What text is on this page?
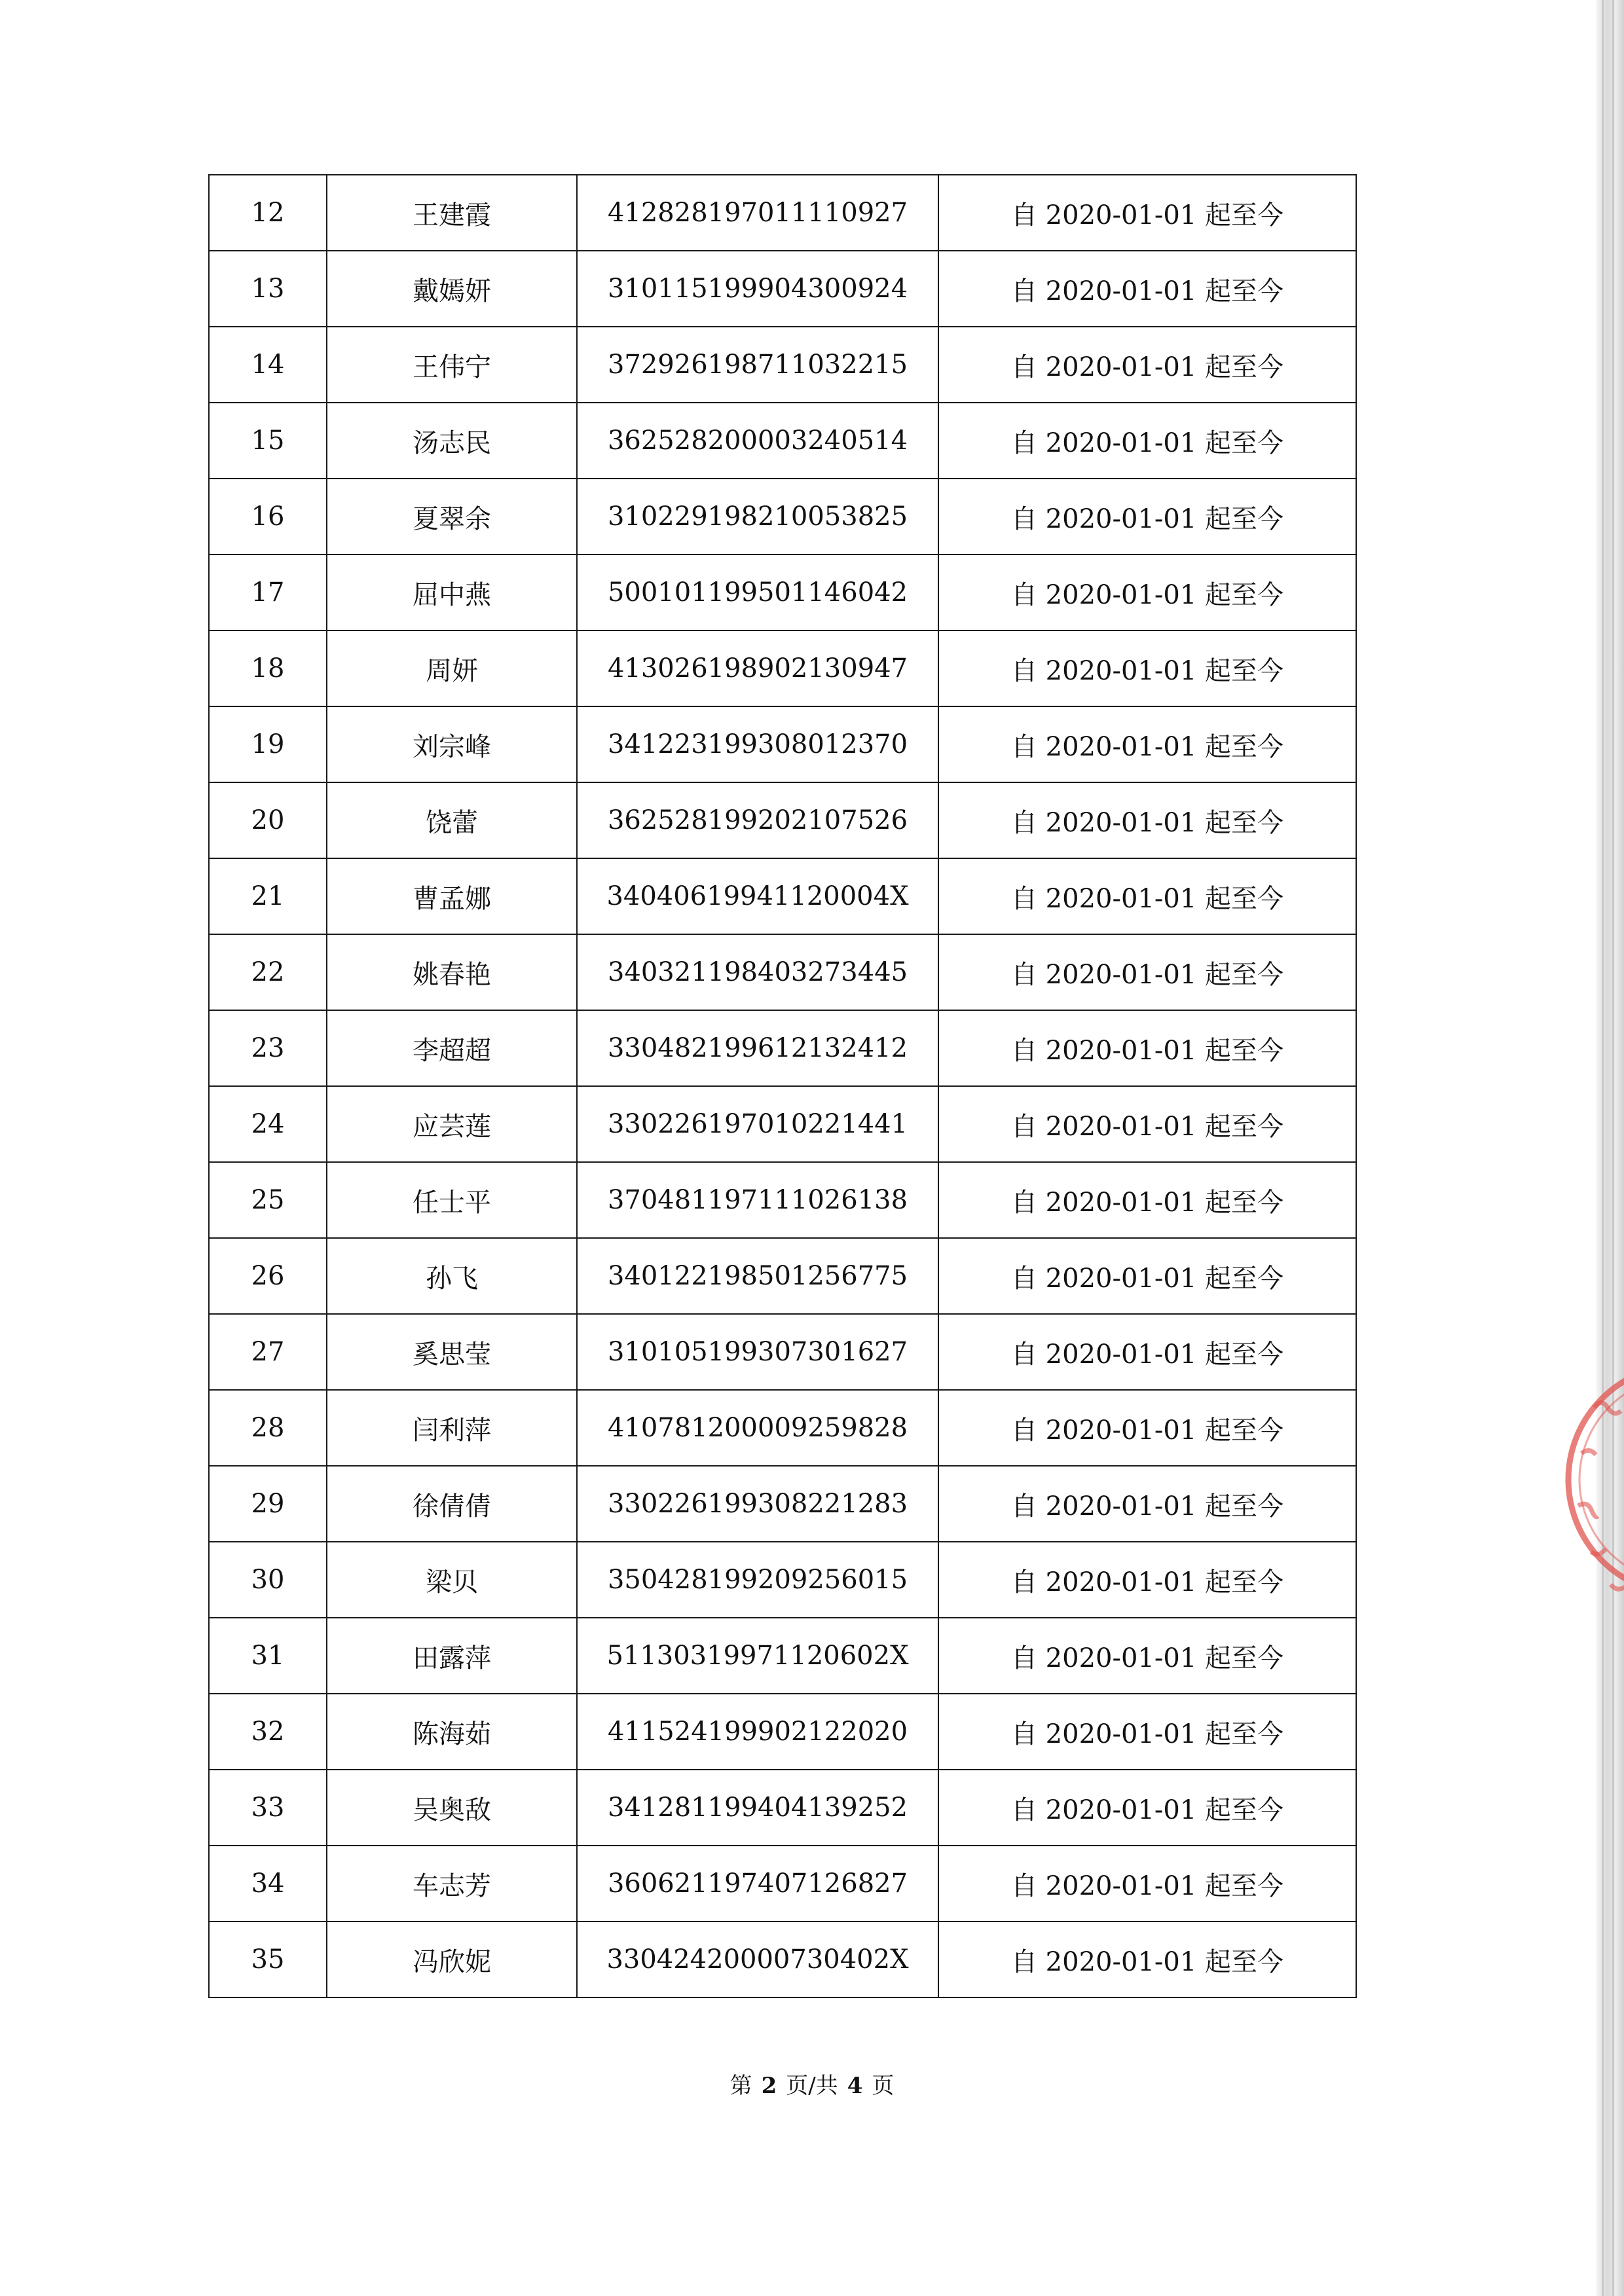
12	王建霞	412828197011110927	自 2020-01-01 起至今
13	戴嫣妍	310115199904300924	自 2020-01-01 起至今
14	王伟宁	372926198711032215	自 2020-01-01 起至今
15	汤志民	362528200003240514	自 2020-01-01 起至今
16	夏翠余	310229198210053825	自 2020-01-01 起至今
17	屈中燕	500101199501146042	自 2020-01-01 起至今
18	周妍	413026198902130947	自 2020-01-01 起至今
19	刘宗峰	341223199308012370	自 2020-01-01 起至今
20	饶蕾	362528199202107526	自 2020-01-01 起至今
21	曹孟娜	34040619941120004X	自 2020-01-01 起至今
22	姚春艳	340321198403273445	自 2020-01-01 起至今
23	李超超	330482199612132412	自 2020-01-01 起至今
24	应芸莲	330226197010221441	自 2020-01-01 起至今
25	任士平	370481197111026138	自 2020-01-01 起至今
26	孙飞	340122198501256775	自 2020-01-01 起至今
27	奚思莹	310105199307301627	自 2020-01-01 起至今
28	闫利萍	410781200009259828	自 2020-01-01 起至今
29	徐倩倩	330226199308221283	自 2020-01-01 起至今
30	梁贝	350428199209256015	自 2020-01-01 起至今
31	田露萍	51130319971120602X	自 2020-01-01 起至今
32	陈海茹	411524199902122020	自 2020-01-01 起至今
33	吴奥敌	341281199404139252	自 2020-01-01 起至今
34	车志芳	360621197407126827	自 2020-01-01 起至今
35	冯欣妮	33042420000730402X	自 2020-01-01 起至今
第 2 页/共 4 页
